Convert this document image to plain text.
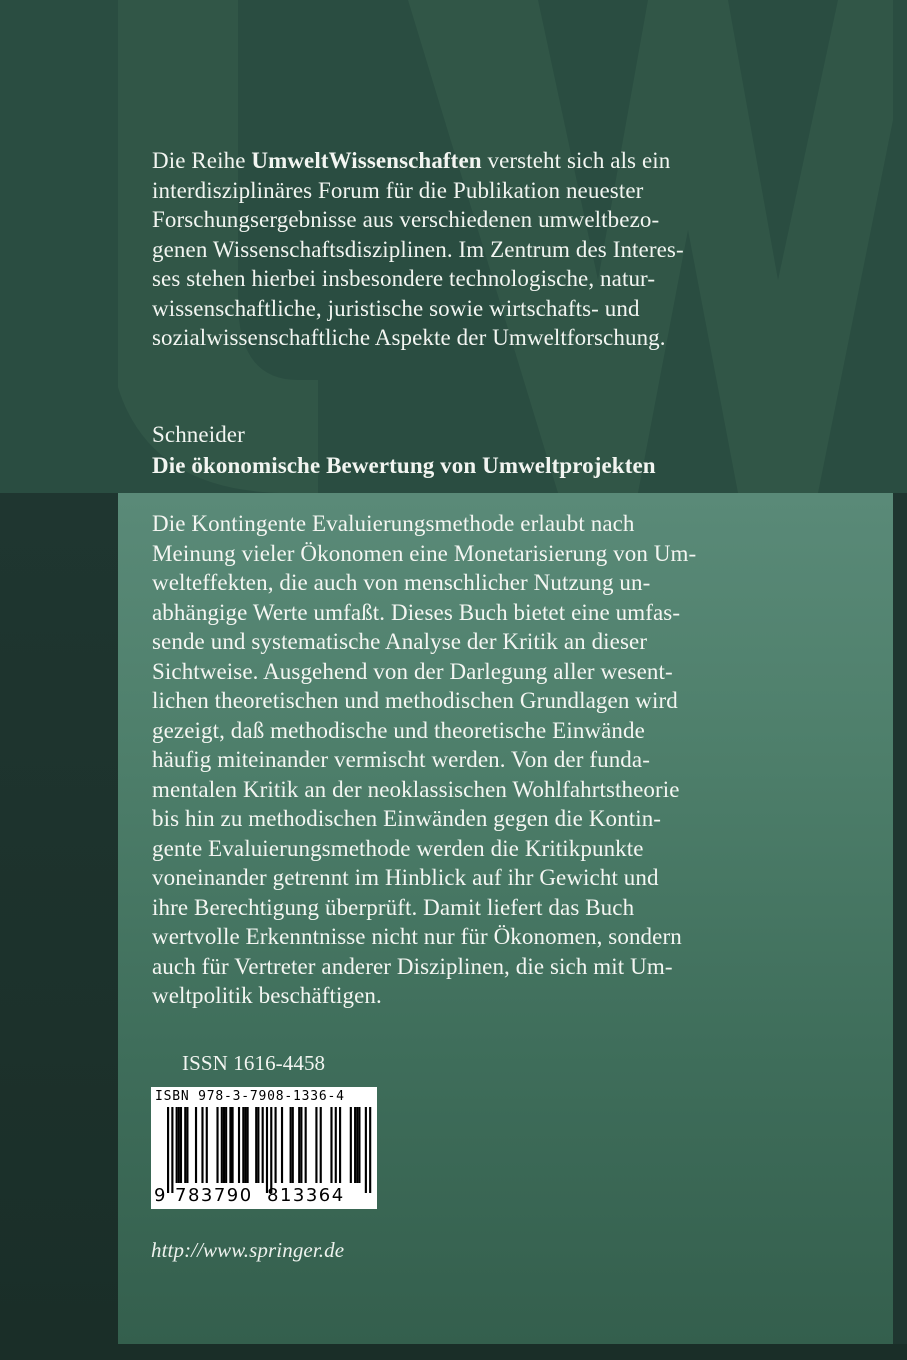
Die Reihe UmweltWissenschaften versteht sich als ein
interdisziplinäres Forum für die Publikation neuester
Forschungsergebnisse aus verschiedenen umweltbezo-
genen Wissenschaftsdisziplinen. Im Zentrum des Interes-
ses stehen hierbei insbesondere technologische, natur-
wissenschaftliche, juristische sowie wirtschafts- und
sozialwissenschaftliche Aspekte der Umweltforschung.
Schneider
Die ökonomische Bewertung von Umweltprojekten
Die Kontingente Evaluierungsmethode erlaubt nach
Meinung vieler Ökonomen eine Monetarisierung von Um-
welteffekten, die auch von menschlicher Nutzung un-
abhängige Werte umfaßt. Dieses Buch bietet eine umfas-
sende und systematische Analyse der Kritik an dieser
Sichtweise. Ausgehend von der Darlegung aller wesent-
lichen theoretischen und methodischen Grundlagen wird
gezeigt, daß methodische und theoretische Einwände
häufig miteinander vermischt werden. Von der funda-
mentalen Kritik an der neoklassischen Wohlfahrtstheorie
bis hin zu methodischen Einwänden gegen die Kontin-
gente Evaluierungsmethode werden die Kritikpunkte
voneinander getrennt im Hinblick auf ihr Gewicht und
ihre Berechtigung überprüft. Damit liefert das Buch
wertvolle Erkenntnisse nicht nur für Ökonomen, sondern
auch für Vertreter anderer Disziplinen, die sich mit Um-
weltpolitik beschäftigen.
ISSN 1616-4458
ISBN 978-3-7908-1336-4
9 783790 813364
http://www.springer.de
